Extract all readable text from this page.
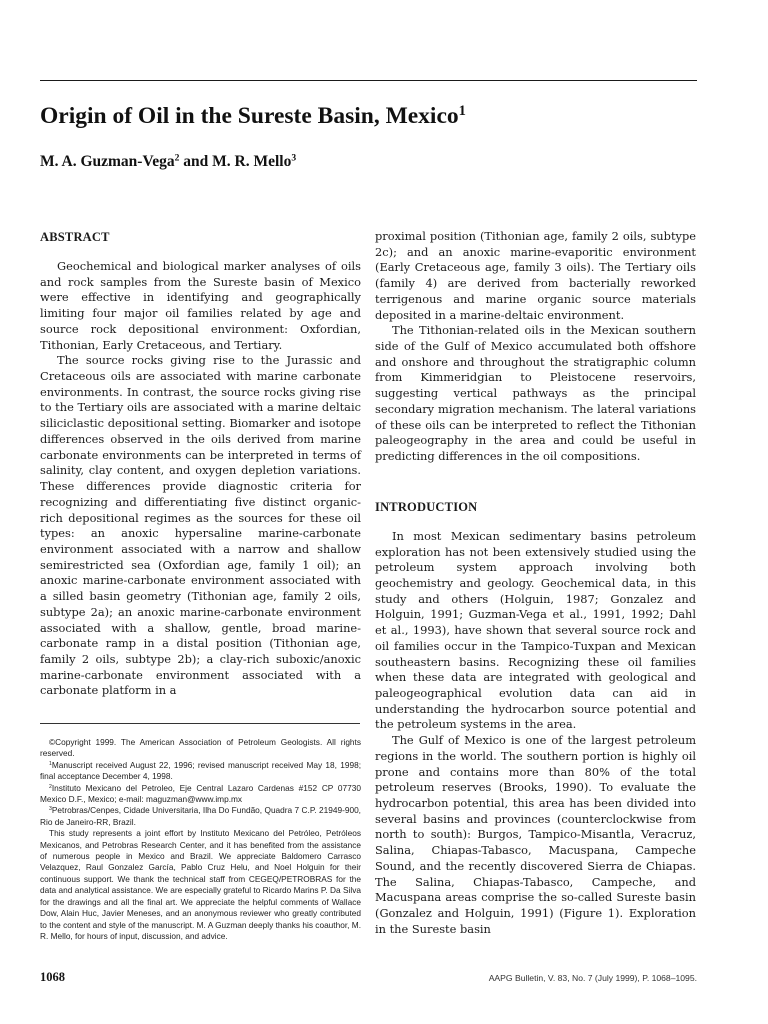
Origin of Oil in the Sureste Basin, Mexico$^1$
M. A. Guzman-Vega$^2$ and M. R. Mello$^3$
ABSTRACT

Geochemical and biological marker analyses of oils and rock samples from the Sureste basin of Mexico were effective in identifying and geographically limiting four major oil families related by age and source rock depositional environment: Oxfordian, Tithonian, Early Cretaceous, and Tertiary.

The source rocks giving rise to the Jurassic and Cretaceous oils are associated with marine carbonate environments. In contrast, the source rocks giving rise to the Tertiary oils are associated with a marine deltaic siliciclastic depositional setting. Biomarker and isotope differences observed in the oils derived from marine carbonate environments can be interpreted in terms of salinity, clay content, and oxygen depletion variations. These differences provide diagnostic criteria for recognizing and differentiating five distinct organic-rich depositional regimes as the sources for these oil types: an anoxic hypersaline marine-carbonate environment associated with a narrow and shallow semirestricted sea (Oxfordian age, family 1 oil); an anoxic marine-carbonate environment associated with a silled basin geometry (Tithonian age, family 2 oils, subtype 2a); an anoxic marine-carbonate environment associated with a shallow, gentle, broad marine-carbonate ramp in a distal position (Tithonian age, family 2 oils, subtype 2b); a clay-rich suboxic/anoxic marine-carbonate environment associated with a carbonate platform in a

©Copyright 1999. The American Association of Petroleum Geologists. All rights reserved.

$^1$Manuscript received August 22, 1996; revised manuscript received May 18, 1998; final acceptance December 4, 1998.

$^2$Instituto Mexicano del Petroleo, Eje Central Lazaro Cardenas #152 CP 07730 Mexico D.F., Mexico; e-mail: maguzman@www.imp.mx

$^3$Petrobras/Cenpes, Cidade Universitaria, Ilha Do Fundão, Quadra 7 C.P. 21949-900, Rio de Janeiro-RR, Brazil.

This study represents a joint effort by Instituto Mexicano del Petróleo, Petróleos Mexicanos, and Petrobras Research Center, and it has benefited from the assistance of numerous people in Mexico and Brazil. We appreciate Baldomero Carrasco Velazquez, Raul Gonzalez García, Pablo Cruz Helu, and Noel Holguin for their continuous support. We thank the technical staff from CEGEQ/PETROBRAS for the data and analytical assistance. We are especially grateful to Ricardo Marins P. Da Silva for the drawings and all the final art. We appreciate the helpful comments of Wallace Dow, Alain Huc, Javier Meneses, and an anonymous reviewer who greatly contributed to the content and style of the manuscript. M. A Guzman deeply thanks his coauthor, M. R. Mello, for hours of input, discussion, and advice.

proximal position (Tithonian age, family 2 oils, subtype 2c); and an anoxic marine-evaporitic environment (Early Cretaceous age, family 3 oils). The Tertiary oils (family 4) are derived from bacterially reworked terrigenous and marine organic source materials deposited in a marine-deltaic environment.

The Tithonian-related oils in the Mexican southern side of the Gulf of Mexico accumulated both offshore and onshore and throughout the stratigraphic column from Kimmeridgian to Pleistocene reservoirs, suggesting vertical pathways as the principal secondary migration mechanism. The lateral variations of these oils can be interpreted to reflect the Tithonian paleogeography in the area and could be useful in predicting differences in the oil compositions.

INTRODUCTION

In most Mexican sedimentary basins petroleum exploration has not been extensively studied using the petroleum system approach involving both geochemistry and geology. Geochemical data, in this study and others (Holguin, 1987; Gonzalez and Holguin, 1991; Guzman-Vega et al., 1991, 1992; Dahl et al., 1993), have shown that several source rock and oil families occur in the Tampico-Tuxpan and Mexican southeastern basins. Recognizing these oil families when these data are integrated with geological and paleogeographical evolution data can aid in understanding the hydrocarbon source potential and the petroleum systems in the area.

The Gulf of Mexico is one of the largest petroleum regions in the world. The southern portion is highly oil prone and contains more than 80% of the total petroleum reserves (Brooks, 1990). To evaluate the hydrocarbon potential, this area has been divided into several basins and provinces (counterclockwise from north to south): Burgos, Tampico-Misantla, Veracruz, Salina, Chiapas-Tabasco, Macuspana, Campeche Sound, and the recently discovered Sierra de Chiapas. The Salina, Chiapas-Tabasco, Campeche, and Macuspana areas comprise the so-called Sureste basin (Gonzalez and Holguin, 1991) (Figure 1). Exploration in the Sureste basin

1068	AAPG Bulletin, V. 83, No. 7 (July 1999), P. 1068–1095.
